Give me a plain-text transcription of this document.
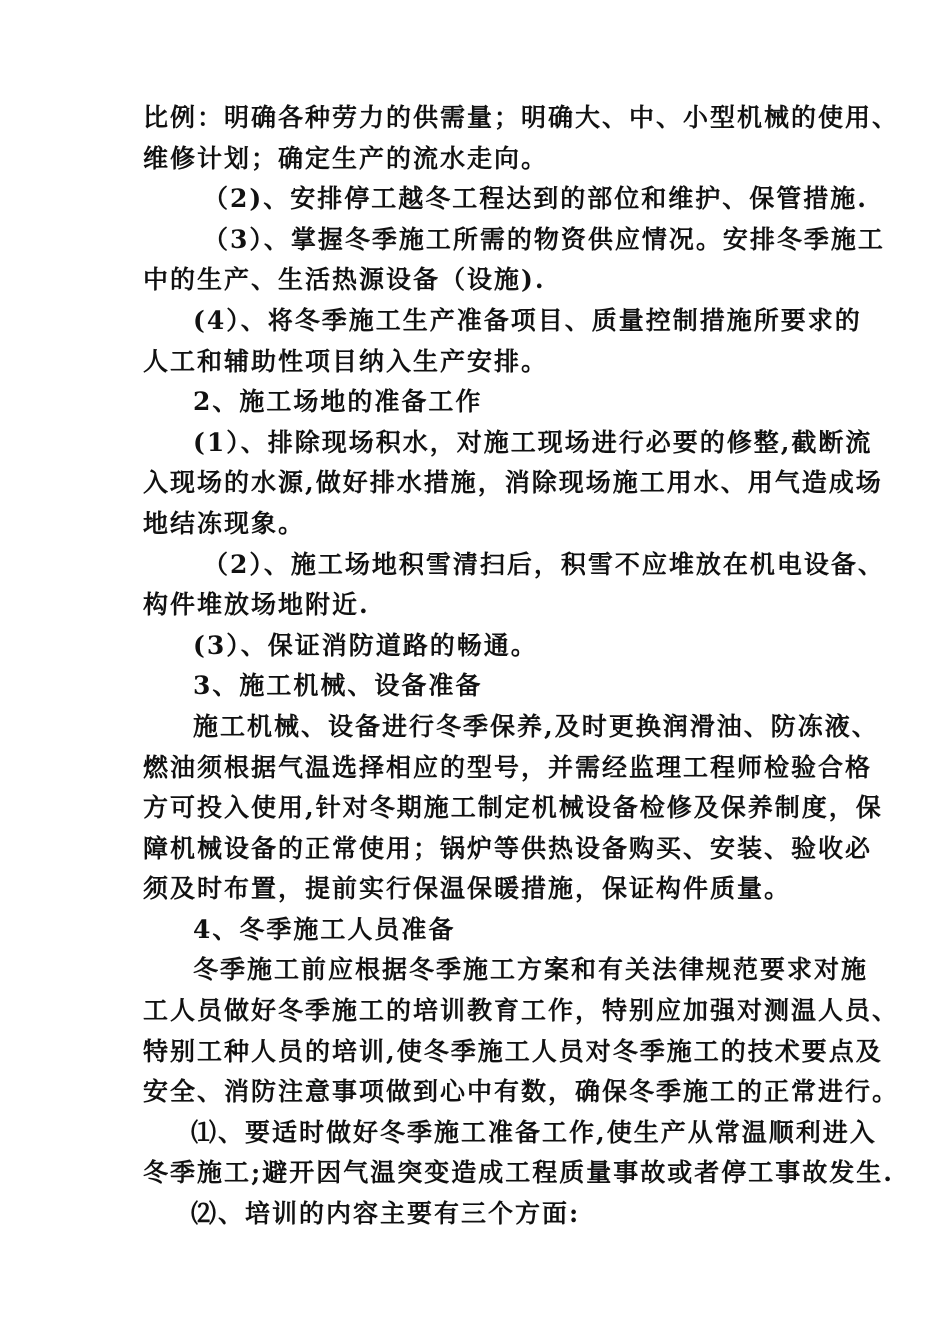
比例：明确各种劳力的供需量；明确大、中、小型机械的使用、
维修计划；确定生产的流水走向。
（2)、安排停工越冬工程达到的部位和维护、保管措施.
（3）、掌握冬季施工所需的物资供应情况。安排冬季施工
中的生产、生活热源设备（设施).
(4）、将冬季施工生产准备项目、质量控制措施所要求的
人工和辅助性项目纳入生产安排。
2、施工场地的准备工作
(1）、排除现场积水，对施工现场进行必要的修整,截断流
入现场的水源,做好排水措施，消除现场施工用水、用气造成场
地结冻现象。
（2）、施工场地积雪清扫后，积雪不应堆放在机电设备、
构件堆放场地附近.
(3）、保证消防道路的畅通。
3、施工机械、设备准备
施工机械、设备进行冬季保养,及时更换润滑油、防冻液、
燃油须根据气温选择相应的型号，并需经监理工程师检验合格
方可投入使用,针对冬期施工制定机械设备检修及保养制度，保
障机械设备的正常使用；锅炉等供热设备购买、安装、验收必
须及时布置，提前实行保温保暖措施，保证构件质量。
4、冬季施工人员准备
冬季施工前应根据冬季施工方案和有关法律规范要求对施
工人员做好冬季施工的培训教育工作，特别应加强对测温人员、
特别工种人员的培训,使冬季施工人员对冬季施工的技术要点及
安全、消防注意事项做到心中有数，确保冬季施工的正常进行。
⑴、要适时做好冬季施工准备工作,使生产从常温顺利进入
冬季施工;避开因气温突变造成工程质量事故或者停工事故发生.
⑵、培训的内容主要有三个方面:
